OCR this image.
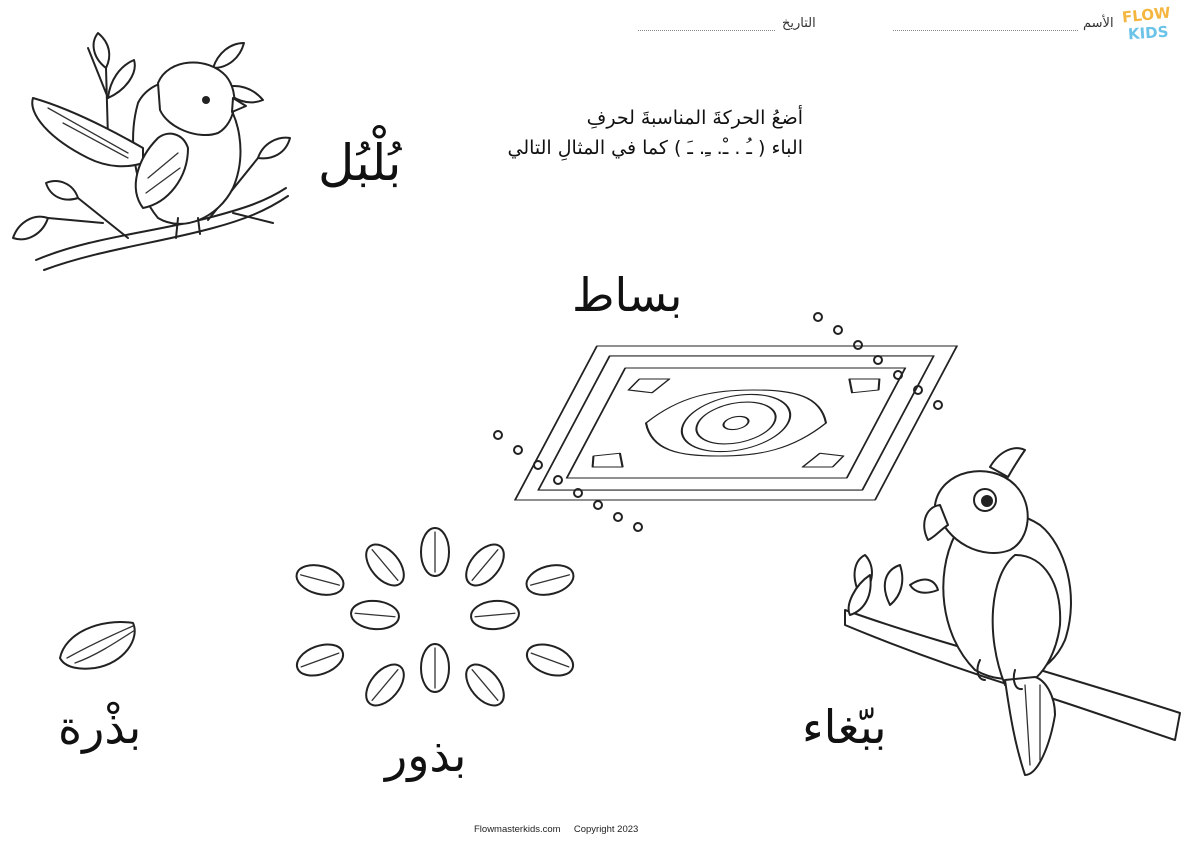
الأسم
التاريخ	FLOW
KIDS
أضعُ الحركةَ المناسبةَ لحرفِ
الباء ( ـُ . ـْ. ـِ. ـَ ) كما في المثالِ التالي
بُلْبُل
بساط
ببّغاء
بذور
بذْرة
Flowmasterkids.com Copyright 2023
